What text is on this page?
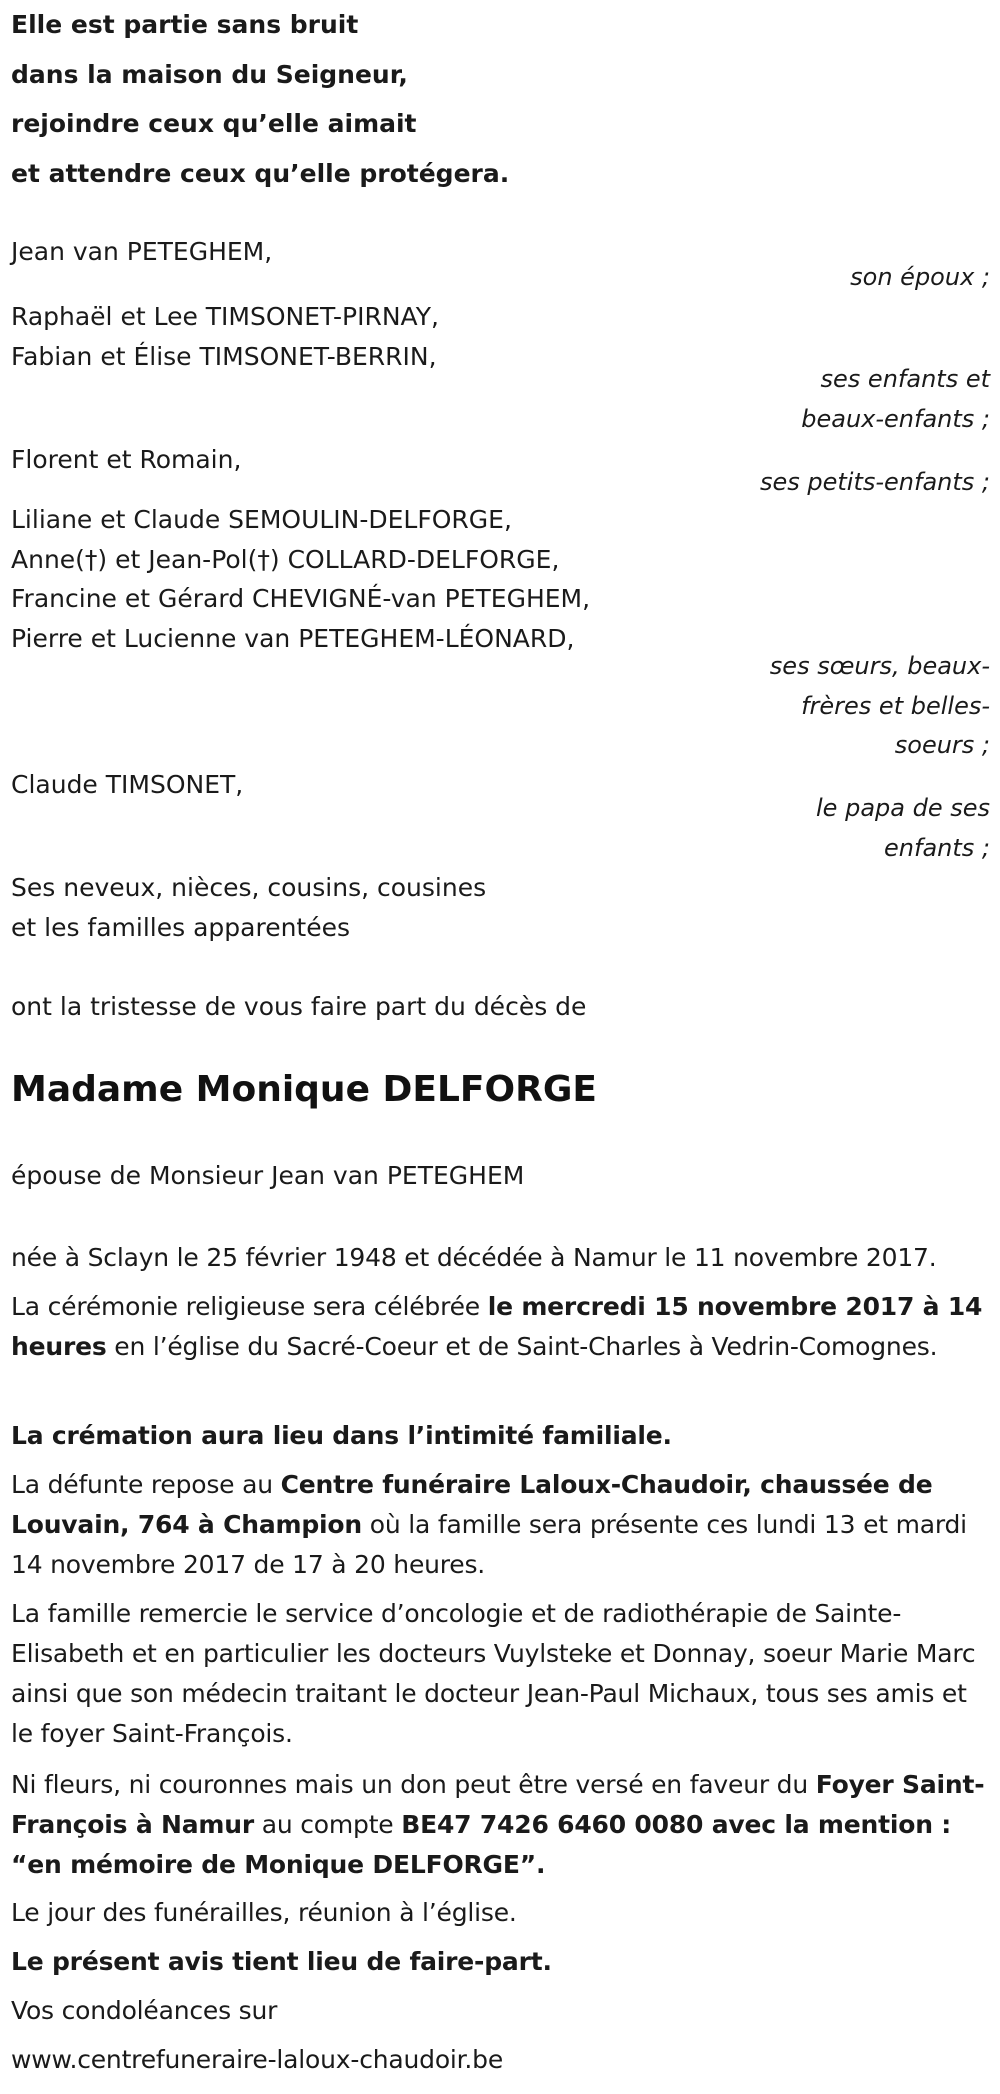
Elle est partie sans bruit
dans la maison du Seigneur,
rejoindre ceux qu’elle aimait
et attendre ceux qu’elle protégera.
Jean van PETEGHEM,
son époux ;
Raphaël et Lee TIMSONET-PIRNAY,
Fabian et Élise TIMSONET-BERRIN,
ses enfants et
beaux-enfants ;
Florent et Romain,
ses petits-enfants ;
Liliane et Claude SEMOULIN-DELFORGE,
Anne(†) et Jean-Pol(†) COLLARD-DELFORGE,
Francine et Gérard CHEVIGNÉ-van PETEGHEM,
Pierre et Lucienne van PETEGHEM-LÉONARD,
ses sœurs, beaux-
frères et belles-
soeurs ;
Claude TIMSONET,
le papa de ses
enfants ;
Ses neveux, nièces, cousins, cousines
et les familles apparentées
ont la tristesse de vous faire part du décès de
Madame Monique DELFORGE
épouse de Monsieur Jean van PETEGHEM

née à Sclayn le 25 février 1948 et décédée à Namur le 11 novembre 2017.

La cérémonie religieuse sera célébrée le mercredi 15 novembre 2017 à 14 heures en l’église du Sacré-Coeur et de Saint-Charles à Vedrin-Comognes.

La crémation aura lieu dans l’intimité familiale.

La défunte repose au Centre funéraire Laloux-Chaudoir, chaussée de Louvain, 764 à Champion où la famille sera présente ces lundi 13 et mardi 14 novembre 2017 de 17 à 20 heures.

La famille remercie le service d’oncologie et de radiothérapie de Sainte-Elisabeth et en particulier les docteurs Vuylsteke et Donnay, soeur Marie Marc ainsi que son médecin traitant le docteur Jean-Paul Michaux, tous ses amis et le foyer Saint-François.

Ni fleurs, ni couronnes mais un don peut être versé en faveur du Foyer Saint-François à Namur au compte BE47 7426 6460 0080 avec la mention : “en mémoire de Monique DELFORGE”.

Le jour des funérailles, réunion à l’église.

Le présent avis tient lieu de faire-part.

Vos condoléances sur

www.centrefuneraire-laloux-chaudoir.be
